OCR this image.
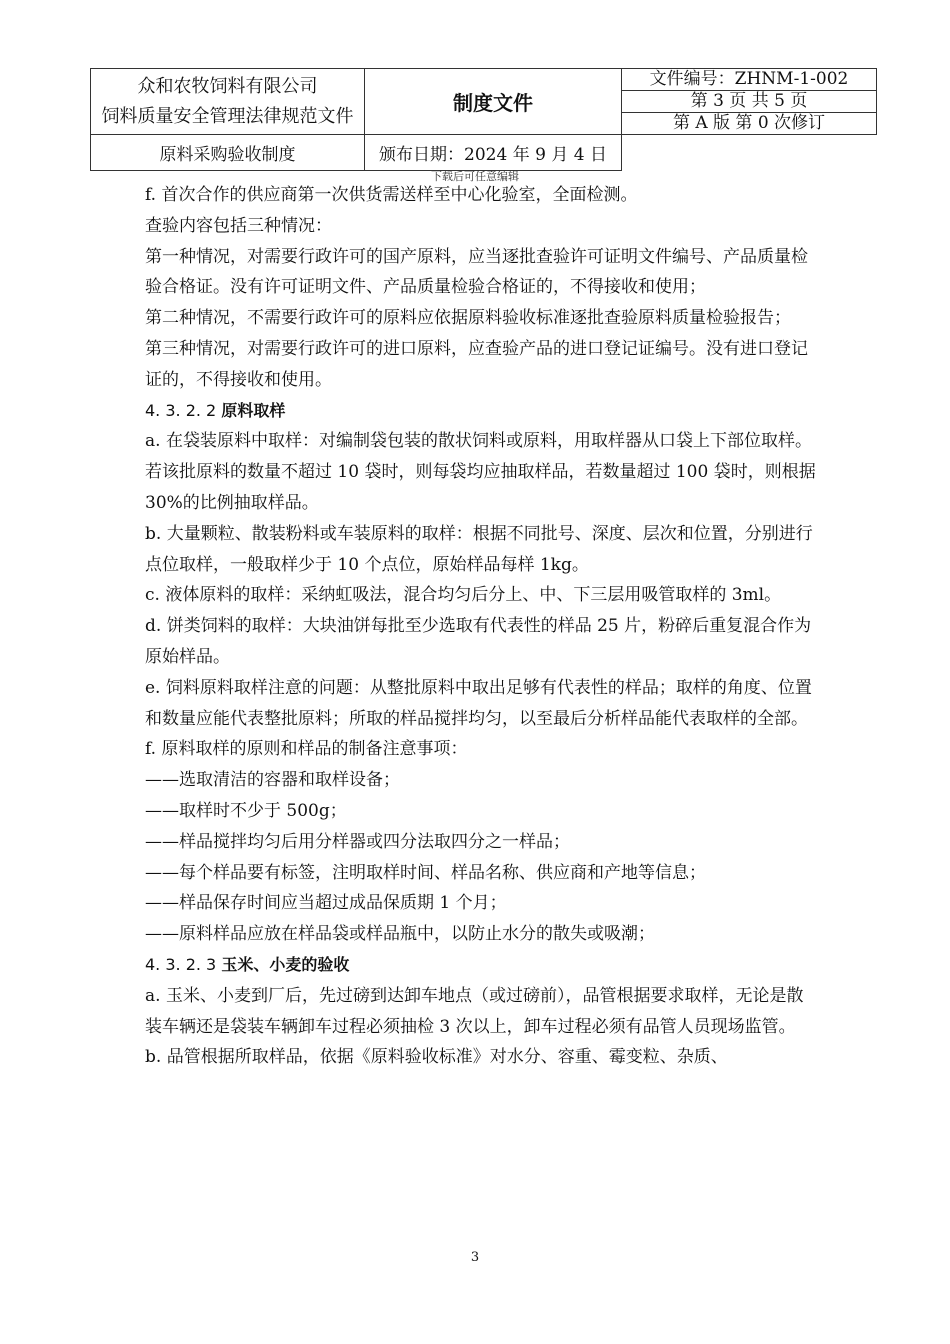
众和农牧饲料有限公司
饲料质量安全管理法律规范文件	制度文件	文件编号：ZHNM-1-002
		第 3 页 共 5 页
		第 A 版 第 0 次修订
原料采购验收制度	颁布日期：2024 年 9 月 4 日	
下载后可任意编辑

f. 首次合作的供应商第一次供货需送样至中心化验室，全面检测。

查验内容包括三种情况：

第一种情况，对需要行政许可的国产原料，应当逐批查验许可证明文件编号、产品质量检验合格证。没有许可证明文件、产品质量检验合格证的，不得接收和使用；

第二种情况，不需要行政许可的原料应依据原料验收标准逐批查验原料质量检验报告；

第三种情况，对需要行政许可的进口原料，应查验产品的进口登记证编号。没有进口登记证的，不得接收和使用。

4. 3. 2. 2 原料取样

a. 在袋装原料中取样：对编制袋包装的散状饲料或原料，用取样器从口袋上下部位取样。若该批原料的数量不超过 10 袋时，则每袋均应抽取样品，若数量超过 100 袋时，则根据 30%的比例抽取样品。

b. 大量颗粒、散装粉料或车装原料的取样：根据不同批号、深度、层次和位置，分别进行点位取样，一般取样少于 10 个点位，原始样品每样 1kg。

c. 液体原料的取样：采纳虹吸法，混合均匀后分上、中、下三层用吸管取样的 3ml。

d. 饼类饲料的取样：大块油饼每批至少选取有代表性的样品 25 片，粉碎后重复混合作为原始样品。

e. 饲料原料取样注意的问题：从整批原料中取出足够有代表性的样品；取样的角度、位置和数量应能代表整批原料；所取的样品搅拌均匀，以至最后分析样品能代表取样的全部。

f. 原料取样的原则和样品的制备注意事项：

——选取清洁的容器和取样设备；

——取样时不少于 500g；

——样品搅拌均匀后用分样器或四分法取四分之一样品；

——每个样品要有标签，注明取样时间、样品名称、供应商和产地等信息；

——样品保存时间应当超过成品保质期 1 个月；

——原料样品应放在样品袋或样品瓶中，以防止水分的散失或吸潮；

4. 3. 2. 3 玉米、小麦的验收

a. 玉米、小麦到厂后，先过磅到达卸车地点（或过磅前），品管根据要求取样，无论是散装车辆还是袋装车辆卸车过程必须抽检 3 次以上，卸车过程必须有品管人员现场监管。

b. 品管根据所取样品，依据《原料验收标准》对水分、容重、霉变粒、杂质、

3
